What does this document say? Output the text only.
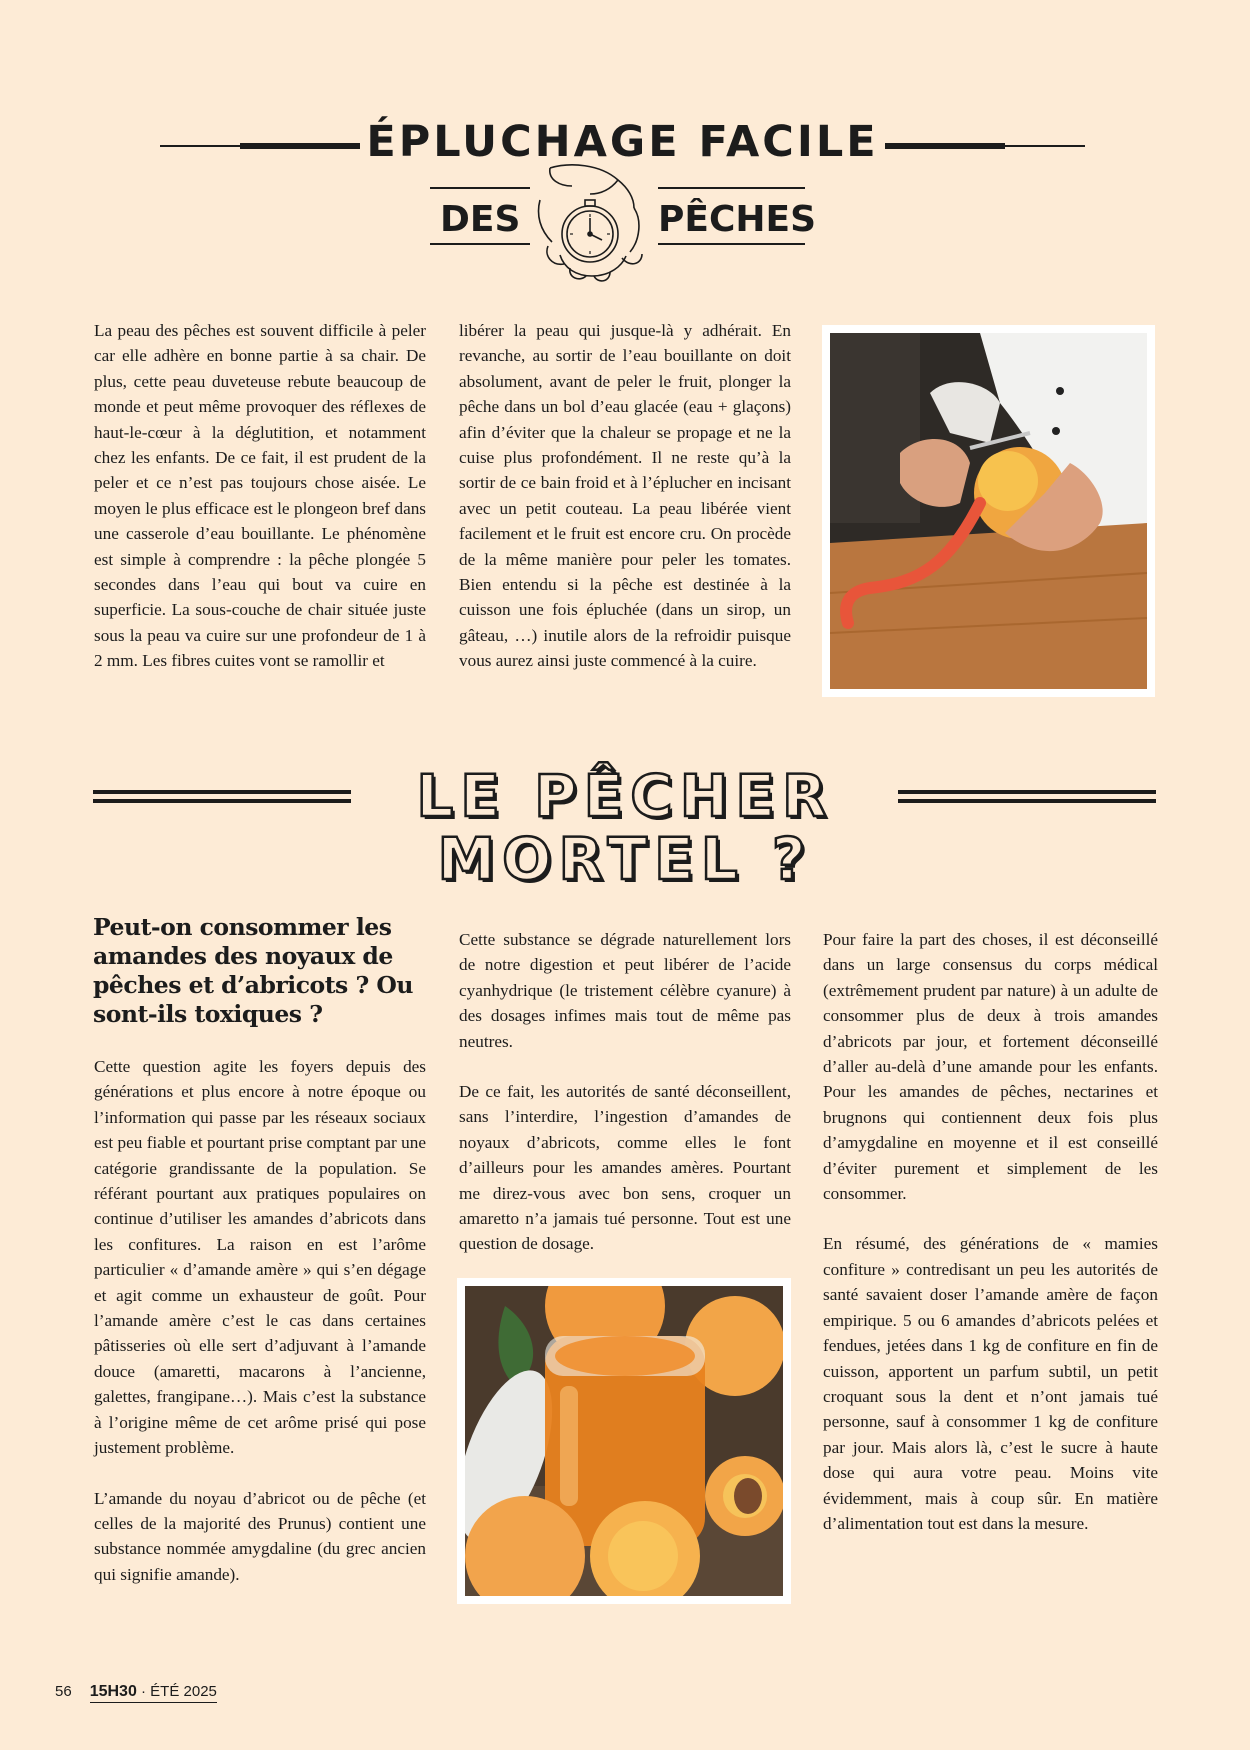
ÉPLUCHAGE FACILE
DES	PÊCHES

La peau des pêches est souvent difficile à peler car elle adhère en bonne partie à sa chair. De plus, cette peau duveteuse rebute beaucoup de monde et peut même provoquer des réflexes de haut-le-cœur à la déglutition, et notamment chez les enfants. De ce fait, il est prudent de la peler et ce n’est pas toujours chose aisée. Le moyen le plus efficace est le plongeon bref dans une casserole d’eau bouillante. Le phénomène est simple à comprendre : la pêche plongée 5 secondes dans l’eau qui bout va cuire en superficie. La sous-couche de chair située juste sous la peau va cuire sur une profondeur de 1 à 2 mm. Les fibres cuites vont se ramollir et

libérer la peau qui jusque-là y adhérait. En revanche, au sortir de l’eau bouillante on doit absolument, avant de peler le fruit, plonger la pêche dans un bol d’eau glacée (eau + glaçons) afin d’éviter que la chaleur se propage et ne la cuise plus profondément. Il ne reste qu’à la sortir de ce bain froid et à l’éplucher en incisant avec un petit couteau. La peau libérée vient facilement et le fruit est encore cru. On procède de la même manière pour peler les tomates. Bien entendu si la pêche est destinée à la cuisson une fois épluchée (dans un sirop, un gâteau, …) inutile alors de la refroidir puisque vous aurez ainsi juste commencé à la cuire.

LE PÊCHER
MORTEL ?
Peut-on consommer les amandes des noyaux de pêches et d’abricots ? Ou sont-ils toxiques ?

Cette question agite les foyers depuis des générations et plus encore à notre époque ou l’information qui passe par les réseaux sociaux est peu fiable et pourtant prise comptant par une catégorie grandissante de la population. Se référant pourtant aux pratiques populaires on continue d’utiliser les amandes d’abricots dans les confitures. La raison en est l’arôme particulier « d’amande amère » qui s’en dégage et agit comme un exhausteur de goût. Pour l’amande amère c’est le cas dans certaines pâtisseries où elle sert d’adjuvant à l’amande douce (amaretti, macarons à l’ancienne, galettes, frangipane…). Mais c’est la substance à l’origine même de cet arôme prisé qui pose justement problème.

L’amande du noyau d’abricot ou de pêche (et celles de la majorité des Prunus) contient une substance nommée amygdaline (du grec ancien qui signifie amande).

Cette substance se dégrade naturellement lors de notre digestion et peut libérer de l’acide cyanhydrique (le tristement célèbre cyanure) à des dosages infimes mais tout de même pas neutres.

De ce fait, les autorités de santé déconseillent, sans l’interdire, l’ingestion d’amandes de noyaux d’abricots, comme elles le font d’ailleurs pour les amandes amères. Pourtant me direz-vous avec bon sens, croquer un amaretto n’a jamais tué personne. Tout est une question de dosage.

Pour faire la part des choses, il est déconseillé dans un large consensus du corps médical (extrêmement prudent par nature) à un adulte de consommer plus de deux à trois amandes d’abricots par jour, et fortement déconseillé d’aller au-delà d’une amande pour les enfants. Pour les amandes de pêches, nectarines et brugnons qui contiennent deux fois plus d’amygdaline en moyenne et il est conseillé d’éviter purement et simplement de les consommer.

En résumé, des générations de « mamies confiture » contredisant un peu les autorités de santé savaient doser l’amande amère de façon empirique. 5 ou 6 amandes d’abricots pelées et fendues, jetées dans 1 kg de confiture en fin de cuisson, apportent un parfum subtil, un petit croquant sous la dent et n’ont jamais tué personne, sauf à consommer 1 kg de confiture par jour. Mais alors là, c’est le sucre à haute dose qui aura votre peau. Moins vite évidemment, mais à coup sûr. En matière d’alimentation tout est dans la mesure.

56 15H30 · ÉTÉ 2025
